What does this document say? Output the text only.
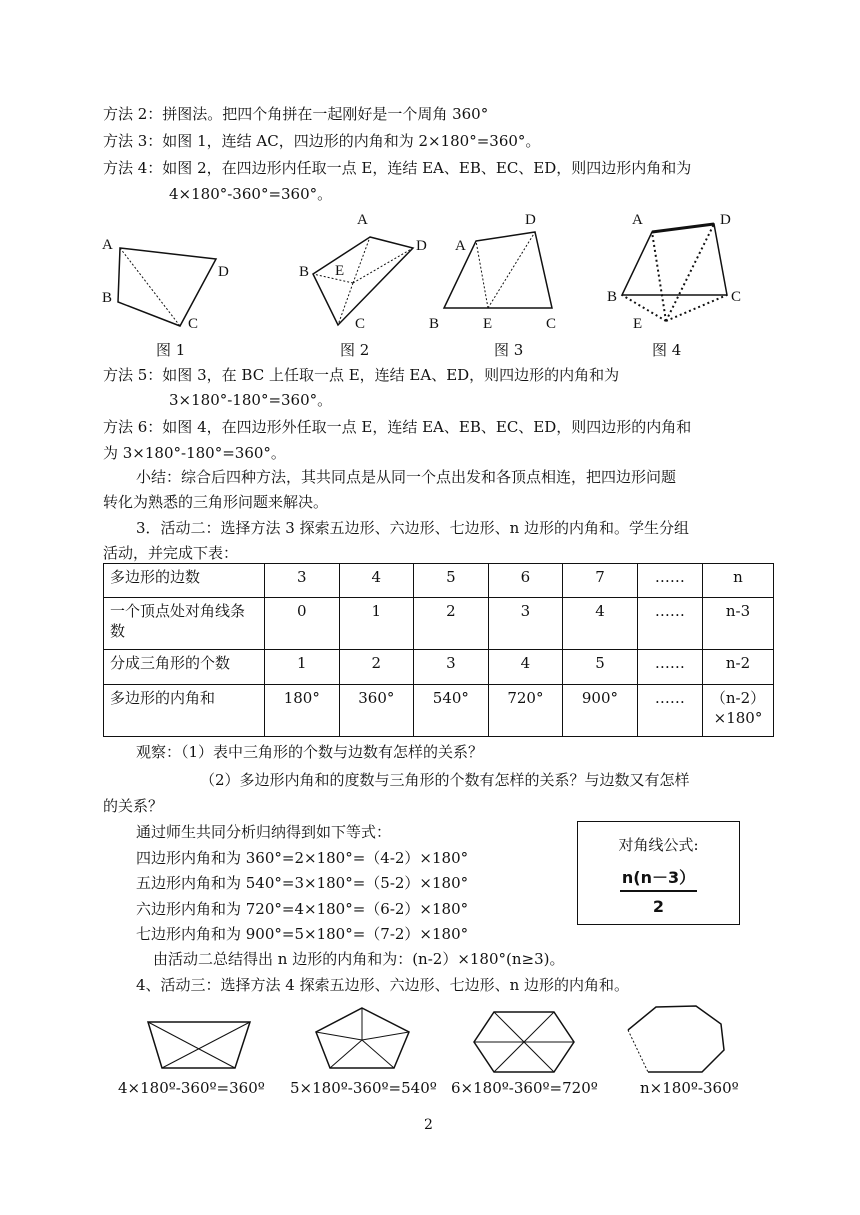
方法 2：拼图法。把四个角拼在一起刚好是一个周角 360°
方法 3：如图 1，连结 AC，四边形的内角和为 2×180°=360°。
方法 4：如图 2，在四边形内任取一点 E，连结 EA、EB、EC、ED，则四边形内角和为
4×180°-360°=360°。
A
B
C
D
A
B E
C
D A
D
B	E	C
A	D
B	C
E
图 1	图 2	图 3	图 4
方法 5：如图 3，在 BC 上任取一点 E，连结 EA、ED，则四边形的内角和为
3×180°-180°=360°。
方法 6：如图 4，在四边形外任取一点 E，连结 EA、EB、EC、ED，则四边形的内角和
为 3×180°-180°=360°。
小结：综合后四种方法，其共同点是从同一个点出发和各顶点相连，把四边形问题
转化为熟悉的三角形问题来解决。
3．活动二：选择方法 3 探索五边形、六边形、七边形、n 边形的内角和。学生分组
活动，并完成下表：
多边形的边数	3	4	5	6	7	……	n
一个顶点处对角线条数	0	1	2	3	4	……	n-3
分成三角形的个数	1	2	3	4	5	……	n-2
多边形的内角和	180°	360°	540°	720°	900°	……	（n-2）×180°
观察：（1）表中三角形的个数与边数有怎样的关系？
（2）多边形内角和的度数与三角形的个数有怎样的关系？与边数又有怎样
的关系？
通过师生共同分析归纳得到如下等式：
四边形内角和为 360°=2×180°=（4-2）×180°
五边形内角和为 540°=3×180°=（5-2）×180°
六边形内角和为 720°=4×180°=（6-2）×180°
七边形内角和为 900°=5×180°=（7-2）×180°
由活动二总结得出 n 边形的内角和为：(n-2）×180°(n≥3)。
4、活动三：选择方法 4 探索五边形、六边形、七边形、n 边形的内角和。
对角线公式:
n(n－3）
2
4×180º-360º=360º 5×180º-360º=540º 6×180º-360º=720º	n×180º-360º
2
